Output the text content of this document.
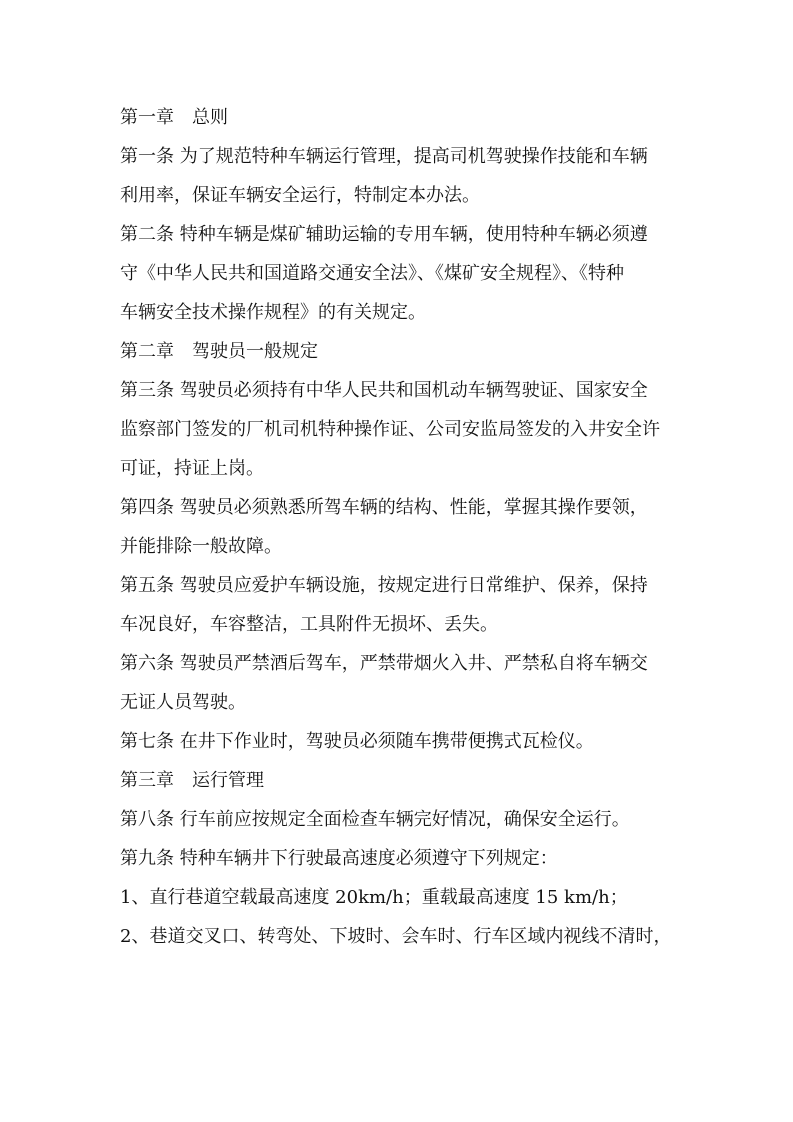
第一章　总则
第一条 为了规范特种车辆运行管理，提高司机驾驶操作技能和车辆
利用率，保证车辆安全运行，特制定本办法。
第二条 特种车辆是煤矿辅助运输的专用车辆，使用特种车辆必须遵
守《中华人民共和国道路交通安全法》、《煤矿安全规程》、《特种
车辆安全技术操作规程》的有关规定。
第二章　驾驶员一般规定
第三条 驾驶员必须持有中华人民共和国机动车辆驾驶证、国家安全
监察部门签发的厂机司机特种操作证、公司安监局签发的入井安全许
可证，持证上岗。
第四条 驾驶员必须熟悉所驾车辆的结构、性能，掌握其操作要领，
并能排除一般故障。
第五条 驾驶员应爱护车辆设施，按规定进行日常维护、保养，保持
车况良好，车容整洁，工具附件无损坏、丢失。
第六条 驾驶员严禁酒后驾车，严禁带烟火入井、严禁私自将车辆交
无证人员驾驶。
第七条 在井下作业时，驾驶员必须随车携带便携式瓦检仪。
第三章　运行管理
第八条 行车前应按规定全面检查车辆完好情况，确保安全运行。
第九条 特种车辆井下行驶最高速度必须遵守下列规定：
1、直行巷道空载最高速度 20km/h；重载最高速度 15 km/h；
2、巷道交叉口、转弯处、下坡时、会车时、行车区域内视线不清时，
